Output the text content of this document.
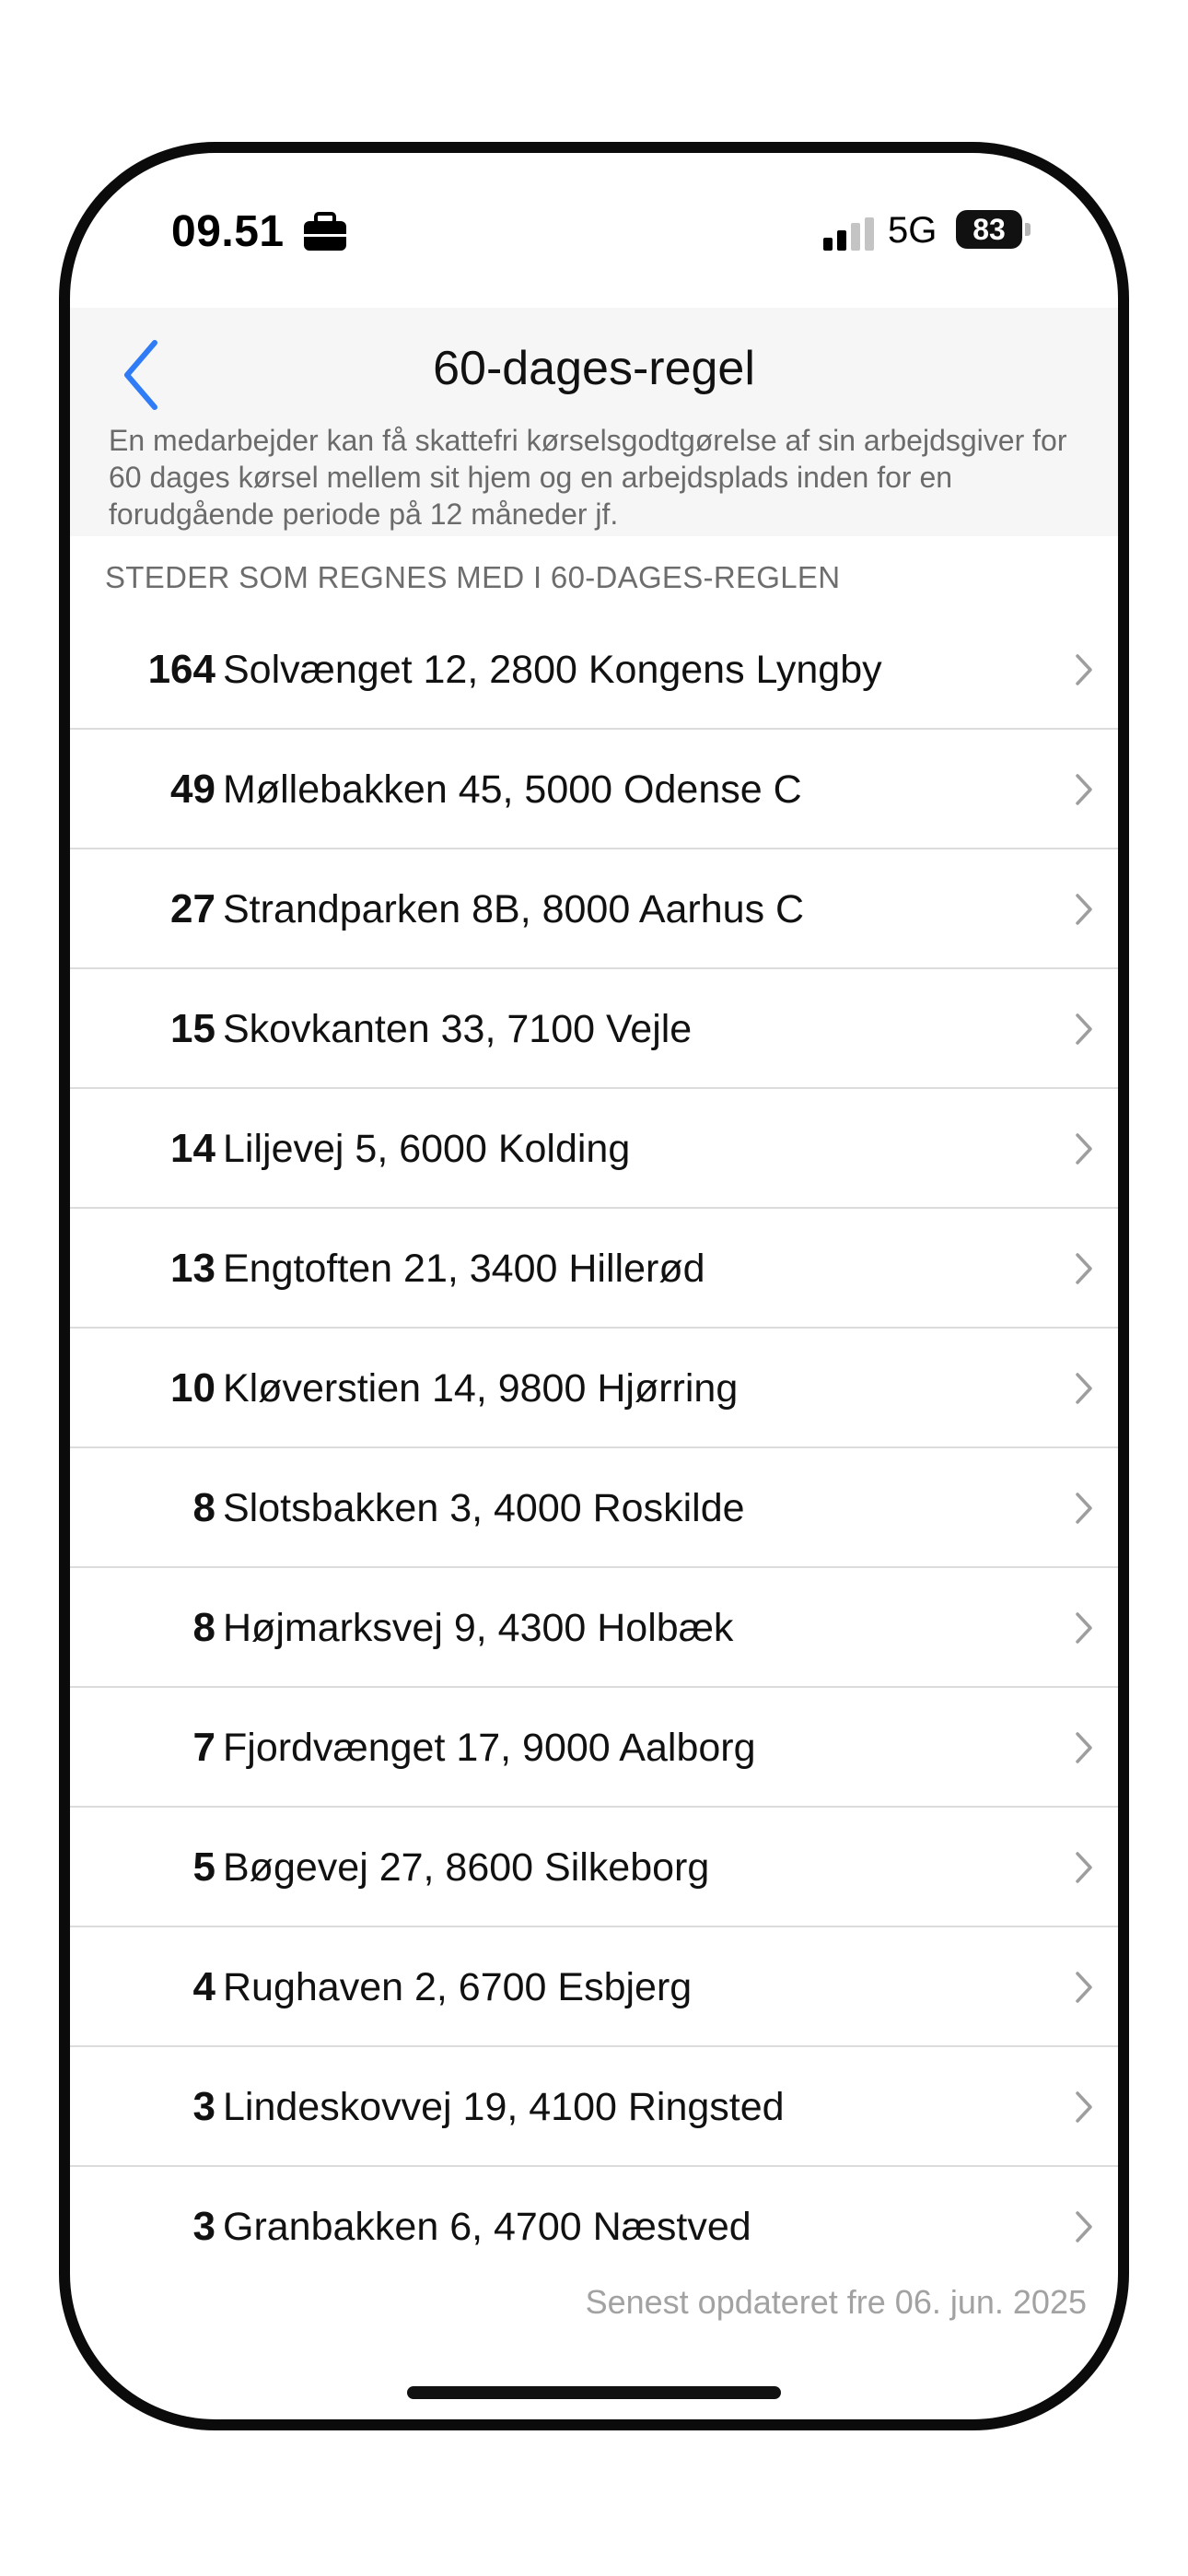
09.51	5G	83
60-dages-regel

En medarbejder kan få skattefri kørselsgodtgørelse af sin arbejdsgiver for 60 dages kørsel mellem sit hjem og en arbejdsplads inden for en forudgående periode på 12 måneder jf.

STEDER SOM REGNES MED I 60-DAGES-REGLEN
164 Solvænget 12, 2800 Kongens Lyngby
49 Møllebakken 45, 5000 Odense C
27 Strandparken 8B, 8000 Aarhus C
15 Skovkanten 33, 7100 Vejle
14 Liljevej 5, 6000 Kolding
13 Engtoften 21, 3400 Hillerød
10 Kløverstien 14, 9800 Hjørring
8 Slotsbakken 3, 4000 Roskilde
8 Højmarksvej 9, 4300 Holbæk
7 Fjordvænget 17, 9000 Aalborg
5 Bøgevej 27, 8600 Silkeborg
4 Rughaven 2, 6700 Esbjerg
3 Lindeskovvej 19, 4100 Ringsted
3 Granbakken 6, 4700 Næstved
Senest opdateret fre 06. jun. 2025
